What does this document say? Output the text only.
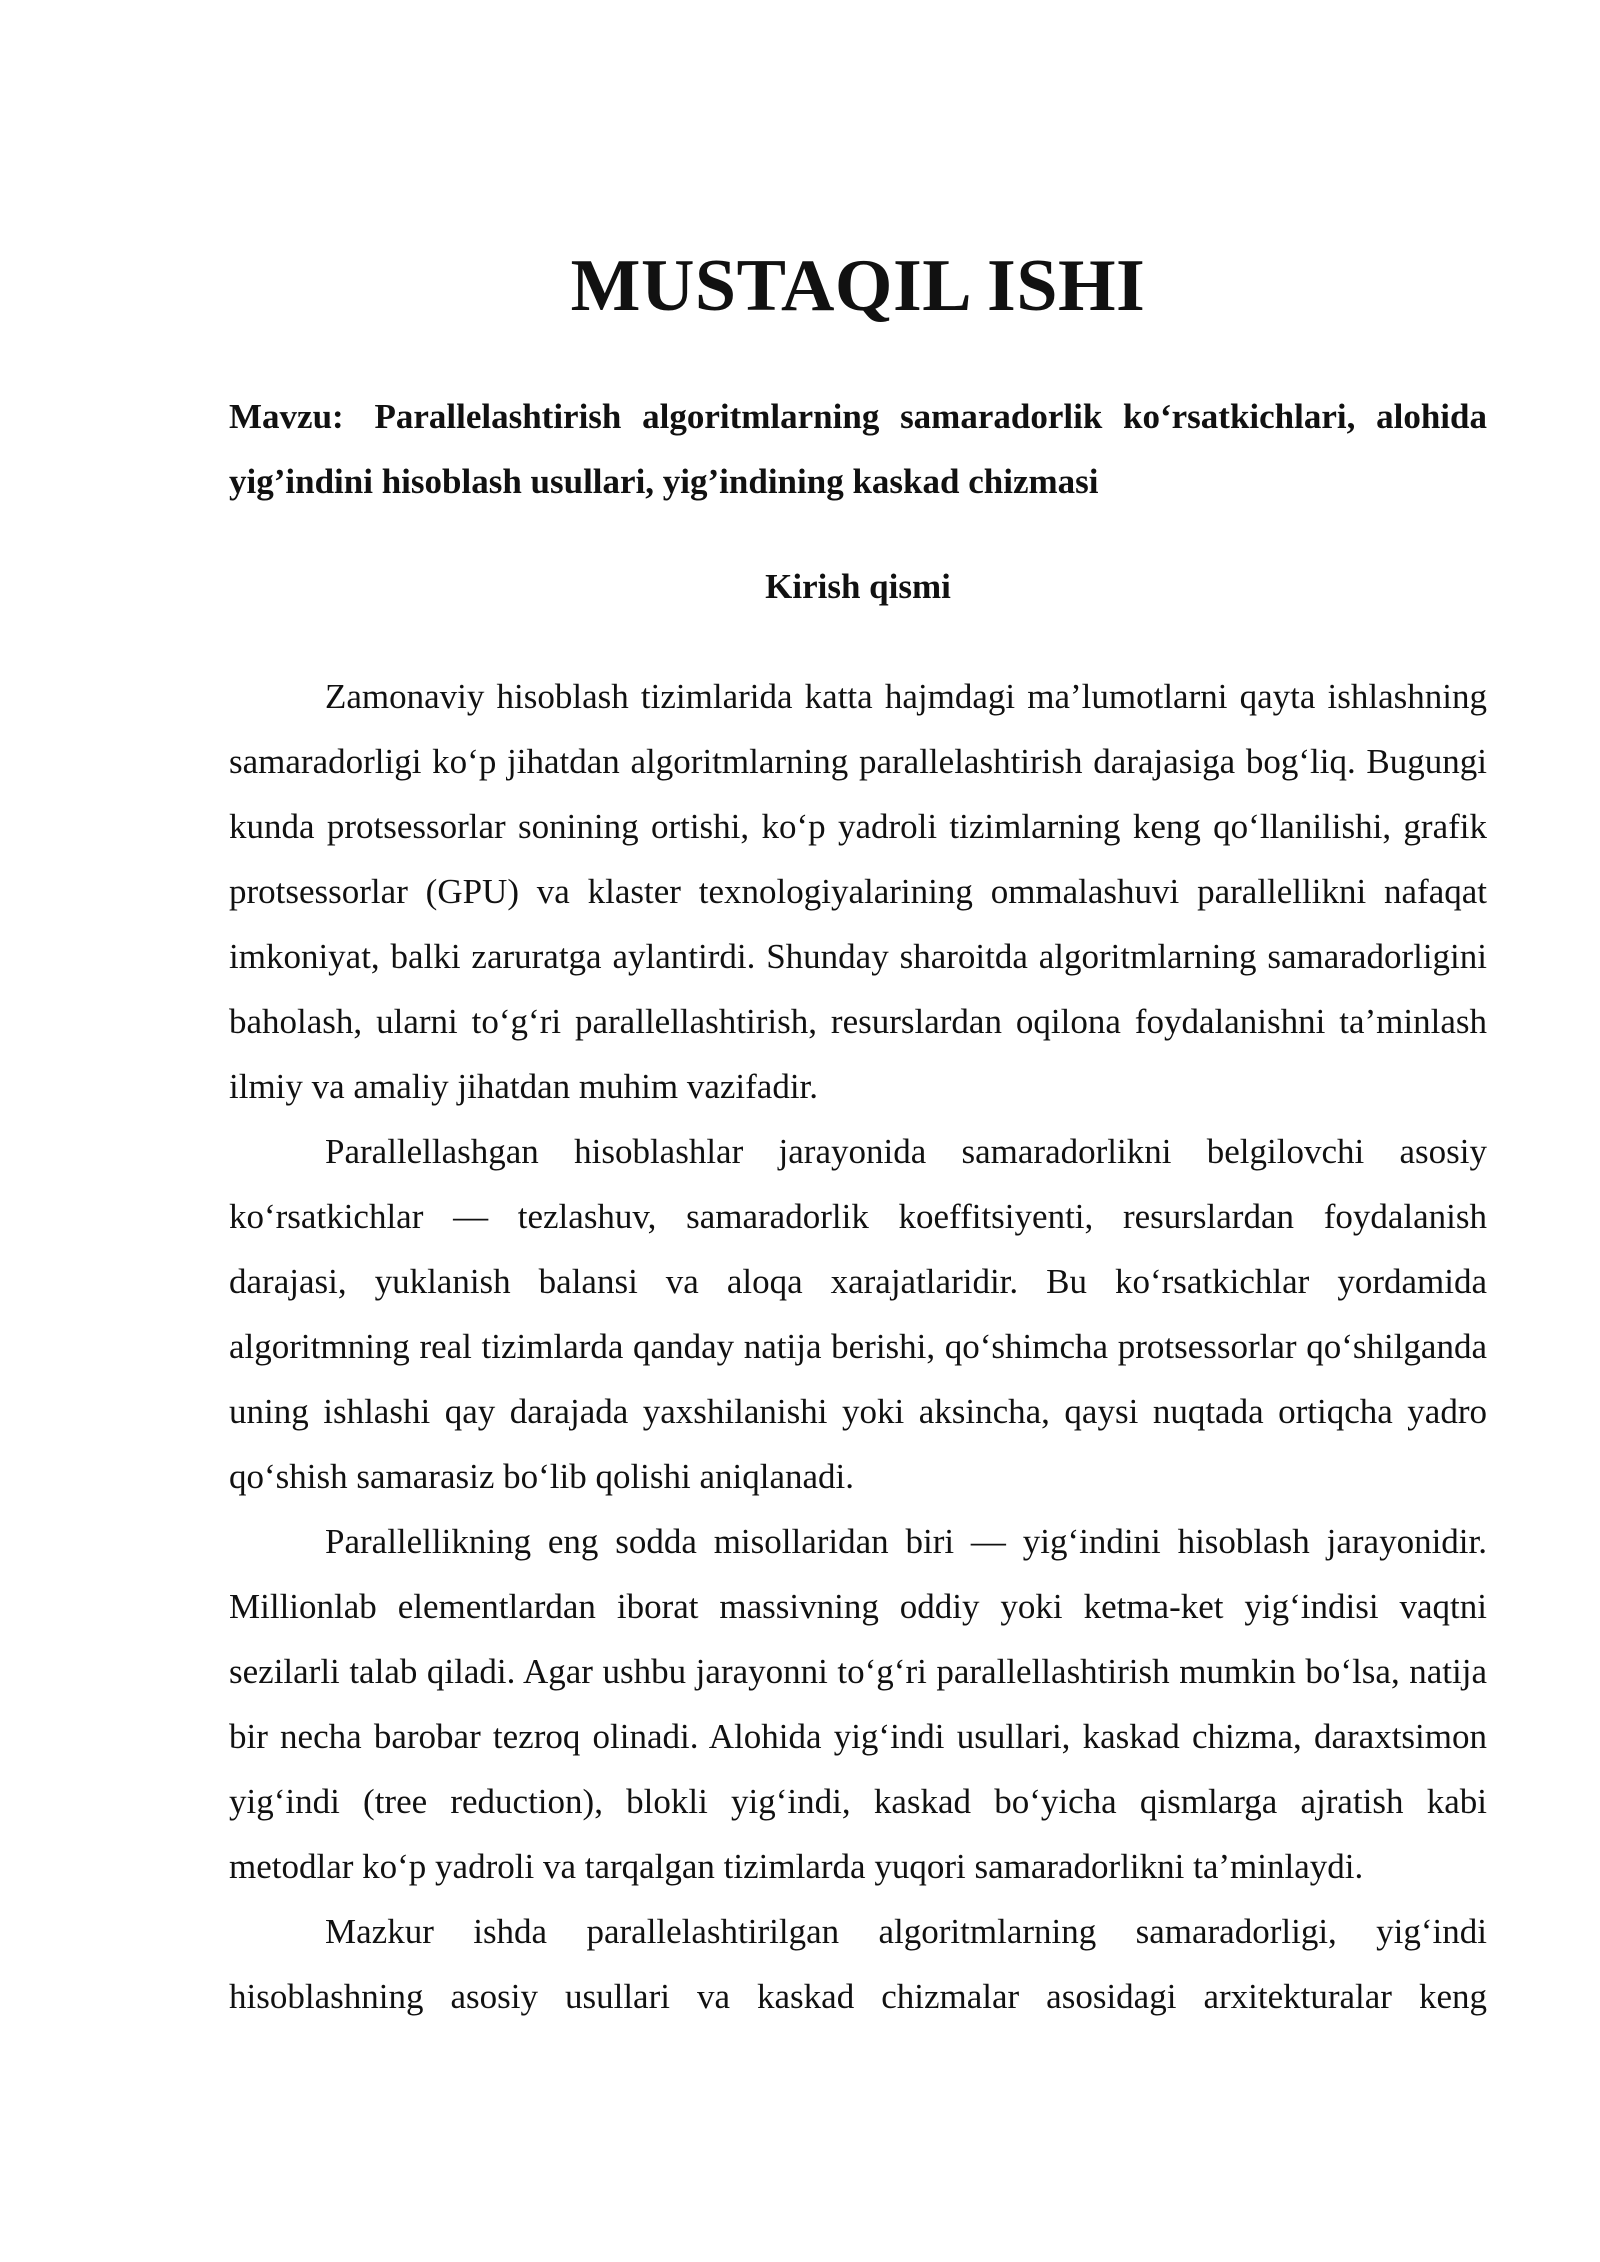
MUSTAQIL ISHI

Mavzu: Parallelashtirish algoritmlarning samaradorlik ko‘rsatkichlari, alohida yig’indini hisoblash usullari, yig’indining kaskad chizmasi

Kirish qismi

Zamonaviy hisoblash tizimlarida katta hajmdagi ma’lumotlarni qayta ishlashning samaradorligi ko‘p jihatdan algoritmlarning parallelashtirish darajasiga bog‘liq. Bugungi kunda protsessorlar sonining ortishi, ko‘p yadroli tizimlarning keng qo‘llanilishi, grafik protsessorlar (GPU) va klaster texnologiyalarining ommalashuvi parallellikni nafaqat imkoniyat, balki zaruratga aylantirdi. Shunday sharoitda algoritmlarning samaradorligini baholash, ularni to‘g‘ri parallellashtirish, resurslardan oqilona foydalanishni ta’minlash ilmiy va amaliy jihatdan muhim vazifadir.

Parallellashgan hisoblashlar jarayonida samaradorlikni belgilovchi asosiy ko‘rsatkichlar — tezlashuv, samaradorlik koeffitsiyenti, resurslardan foydalanish darajasi, yuklanish balansi va aloqa xarajatlaridir. Bu ko‘rsatkichlar yordamida algoritmning real tizimlarda qanday natija berishi, qo‘shimcha protsessorlar qo‘shilganda uning ishlashi qay darajada yaxshilanishi yoki aksincha, qaysi nuqtada ortiqcha yadro qo‘shish samarasiz bo‘lib qolishi aniqlanadi.

Parallellikning eng sodda misollaridan biri — yig‘indini hisoblash jarayonidir. Millionlab elementlardan iborat massivning oddiy yoki ketma-ket yig‘indisi vaqtni sezilarli talab qiladi. Agar ushbu jarayonni to‘g‘ri parallellashtirish mumkin bo‘lsa, natija bir necha barobar tezroq olinadi. Alohida yig‘indi usullari, kaskad chizma, daraxtsimon yig‘indi (tree reduction), blokli yig‘indi, kaskad bo‘yicha qismlarga ajratish kabi metodlar ko‘p yadroli va tarqalgan tizimlarda yuqori samaradorlikni ta’minlaydi.

Mazkur ishda parallelashtirilgan algoritmlarning samaradorligi, yig‘indi hisoblashning asosiy usullari va kaskad chizmalar asosidagi arxitekturalar keng
